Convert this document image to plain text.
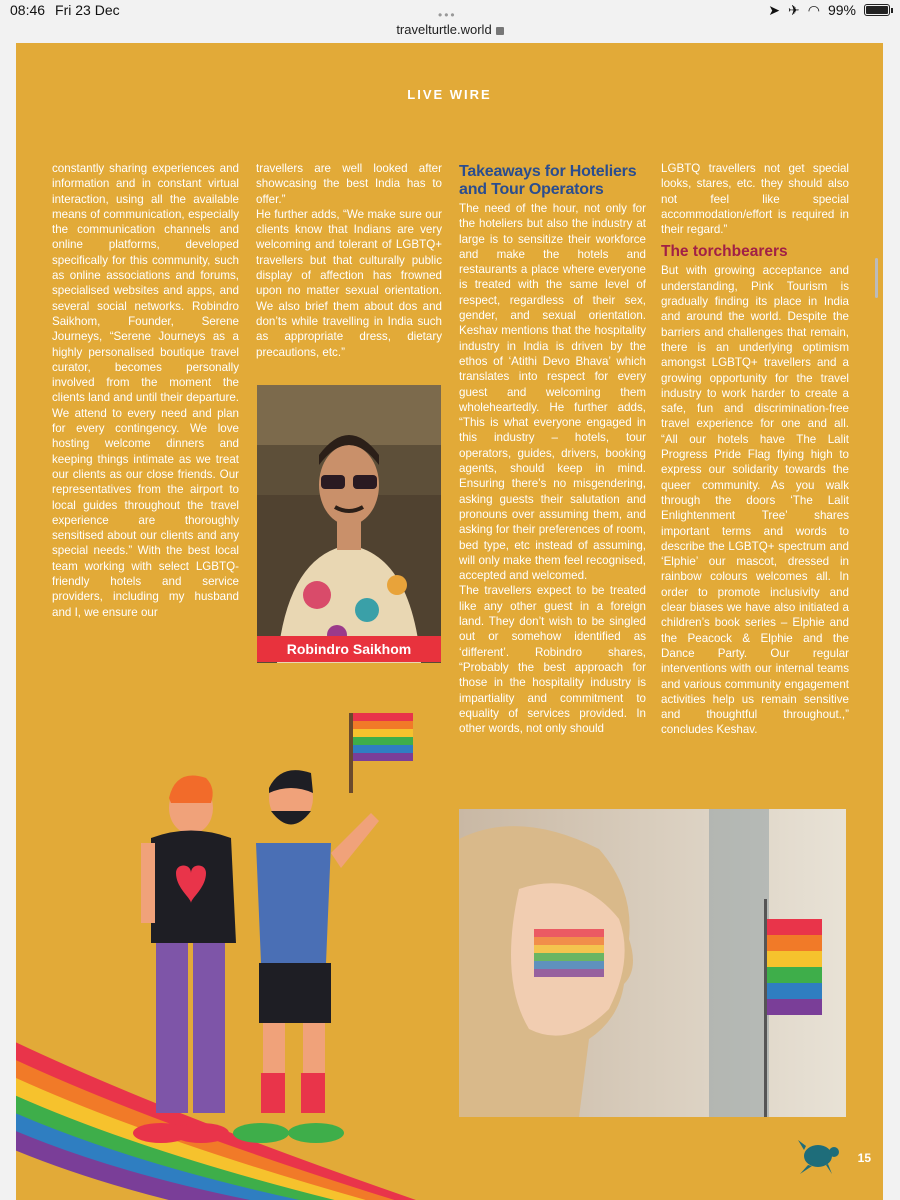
08:46 Fri 23 Dec	➤ ✈ ◠ 99%
•••
travelturtle.world
LIVE WIRE

constantly sharing experiences and information and in constant virtual interaction, using all the available means of communication, especially the communication channels and online platforms, developed specifically for this community, such as online associations and forums, specialised websites and apps, and several social networks. Robindro Saikhom, Founder, Serene Journeys, “Serene Journeys as a highly personalised boutique travel curator, becomes personally involved from the moment the clients land and until their departure. We attend to every need and plan for every contingency. We love hosting welcome dinners and keeping things intimate as we treat our clients as our close friends. Our representatives from the airport to local guides throughout the travel experience are thoroughly sensitised about our clients and any special needs.” With the best local team working with select LGBTQ-friendly hotels and service providers, including my husband and I, we ensure our

travellers are well looked after showcasing the best India has to offer.”

He further adds, “We make sure our clients know that Indians are very welcoming and tolerant of LGBTQ+ travellers but that culturally public display of affection has frowned upon no matter sexual orientation. We also brief them about dos and don’ts while travelling in India such as appropriate dress, dietary precautions, etc.”

Robindro Saikhom
Takeaways for Hoteliers and Tour Operators

The need of the hour, not only for the hoteliers but also the industry at large is to sensitize their workforce and make the hotels and restaurants a place where everyone is treated with the same level of respect, regardless of their sex, gender, and sexual orientation. Keshav mentions that the hospitality industry in India is driven by the ethos of ‘Atithi Devo Bhava’ which translates into respect for every guest and welcoming them wholeheartedly. He further adds, “This is what everyone engaged in this industry – hotels, tour operators, guides, drivers, booking agents, should keep in mind. Ensuring there’s no misgendering, asking guests their salutation and pronouns over assuming them, and asking for their preferences of room, bed type, etc instead of assuming, will only make them feel recognised, accepted and welcomed.

The travellers expect to be treated like any other guest in a foreign land. They don’t wish to be singled out or somehow identified as ‘different’. Robindro shares, “Probably the best approach for those in the hospitality industry is impartiality and commitment to equality of services provided. In other words, not only should

LGBTQ travellers not get special looks, stares, etc. they should also not feel like special accommodation/effort is required in their regard.”

The torchbearers

But with growing acceptance and understanding, Pink Tourism is gradually finding its place in India and around the world. Despite the barriers and challenges that remain, there is an underlying optimism amongst LGBTQ+ travellers and a growing opportunity for the travel industry to work harder to create a safe, fun and discrimination-free travel experience for one and all. “All our hotels have The Lalit Progress Pride Flag flying high to express our solidarity towards the queer community. As you walk through the doors ‘The Lalit Enlightenment Tree’ shares important terms and words to describe the LGBTQ+ spectrum and ‘Elphie’ our mascot, dressed in rainbow colours welcomes all. In order to promote inclusivity and clear biases we have also initiated a children’s book series – Elphie and the Peacock & Elphie and the Dance Party. Our regular interventions with our internal teams and various community engagement activities help us remain sensitive and thoughtful throughout.,” concludes Keshav.

15
